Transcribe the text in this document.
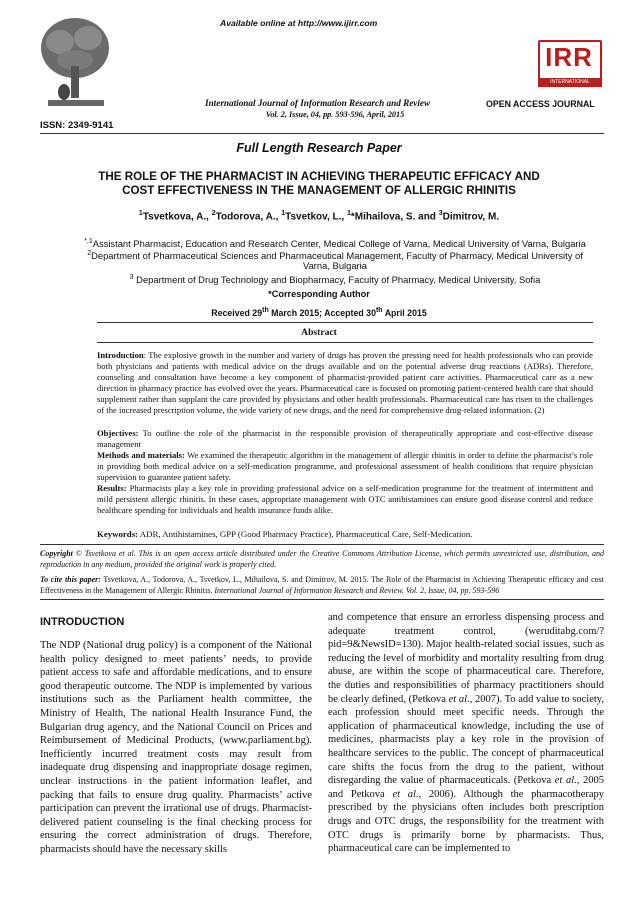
Available online at http://www.ijirr.com
International Journal of Information Research and Review
Vol. 2, Issue, 04, pp. 593-596, April, 2015
IRR
INTERNATIONAL JOURNAL
OPEN ACCESS JOURNAL
ISSN: 2349-9141
Full Length Research Paper
THE ROLE OF THE PHARMACIST IN ACHIEVING THERAPEUTIC EFFICACY AND
COST EFFECTIVENESS IN THE MANAGEMENT OF ALLERGIC RHINITIS
$^1$Tsvetkova, A., $^2$Todorova, A., $^1$Tsvetkov, L., $^1$*Mihailova, S. and $^3$Dimitrov, M.
$^{*,1}$Assistant Pharmacist, Education and Research Center, Medical College of Varna, Medical University of Varna, Bulgaria
$^2$Department of Pharmaceutical Sciences and Pharmaceutical Management, Faculty of Pharmacy, Medical University of
Varna, Bulgaria
$^3$ Department of Drug Technology and Biopharmacy, Faculty of Pharmacy, Medical University, Sofia
*Corresponding Author
Received 29th March 2015; Accepted 30th April 2015
Abstract
Introduction: The explosive growth in the number and variety of drugs has proven the pressing need for health professionals who can provide both physicians and patients with medical advice on the drugs available and on the potential adverse drug reactions (ADRs). Therefore, counseling and consultation have become a key component of pharmacist-provided patient care activities. Pharmaceutical care as a new direction in pharmacy practice has evolved over the years. Pharmaceutical care is focused on promoting patient-centered health care that should supplement rather than supplant the care provided by physicians and other health professionals. Pharmaceutical care has risen to the challenges of the increased prescription volume, the wide variety of new drugs, and the need for comprehensive drug-related information. (2)
Objectives: To outline the role of the pharmacist in the responsible provision of therapeutically appropriate and cost-effective disease management
Methods and materials: We examined the therapeutic algorithm in the management of allergic rhinitis in order to define the pharmacist’s role in providing both medical advice on a self-medication programme, and professional assessment of health conditions that require physician supervision to guarantee patient safety.
Results: Pharmacists play a key role in providing professional advice on a self-medication programme for the treatment of intermittent and mild persistent allergic rhinitis. In these cases, appropriate management with OTC antihistamines can ensure good disease control and reduce healthcare spending for individuals and health insurance funds alike.
Keywords: ADR, Antihistamines, GPP (Good Pharmacy Practice), Pharmaceutical Care, Self-Medication.
Copyright © Tsvetkova et al. This is an open access article distributed under the Creative Commons Attribution License, which permits unrestricted use, distribution, and reproduction in any medium, provided the original work is properly cited.
To cite this paper: Tsvetkova, A., Todorova, A., Tsvetkov, L., Mihailova, S. and Dimitrov, M. 2015. The Role of the Pharmacist in Achieving Therapeutic efficacy and cost Effectiveness in the Management of Allergic Rhinitis. International Journal of Information Research and Review. Vol. 2, Issue, 04, pp. 593-596
INTRODUCTION
The NDP (National drug policy) is a component of the National health policy designed to meet patients’ needs, to provide patient access to safe and affordable medications, and to ensure good therapeutic outcome. The NDP is implemented by various institutions such as the Parliament health committee, the Ministry of Health, The national Health Insurance Fund, the Bulgarian drug agency, and the National Council on Prices and Reimbursement of Medicinal Products, (www.parliament.bg). Inefficiently incurred treatment costs may result from inadequate drug dispensing and inappropriate dosage regimen, unclear instructions in the patient information leaflet, and packing that fails to ensure drug quality. Pharmacists’ active participation can prevent the irrational use of drugs. Pharmacist-delivered patient counseling is the final checking process for ensuring the correct administration of drugs. Therefore, pharmacists should have the necessary skills
and competence that ensure an errorless dispensing process and adequate treatment control, (weruditabg.com/?pid=9&NewsID=130). Major health-related social issues, such as reducing the level of morbidity and mortality resulting from drug abuse, are within the scope of pharmaceutical care. Therefore, the duties and responsibilities of pharmacy practitioners should be clearly defined, (Petkova et al., 2007). To add value to society, each profession should meet specific needs. Through the application of pharmaceutical knowledge, including the use of medicines, pharmacists play a key role in the provision of healthcare services to the public. The concept of pharmaceutical care shifts the focus from the drug to the patient, without disregarding the value of pharmaceuticals. (Petkova et al., 2005 and Petkova et al., 2006). Although the pharmacotherapy prescribed by the physicians often includes both prescription drugs and OTC drugs, the responsibility for the treatment with OTC drugs is primarily borne by pharmacists. Thus, pharmaceutical care can be implemented to
